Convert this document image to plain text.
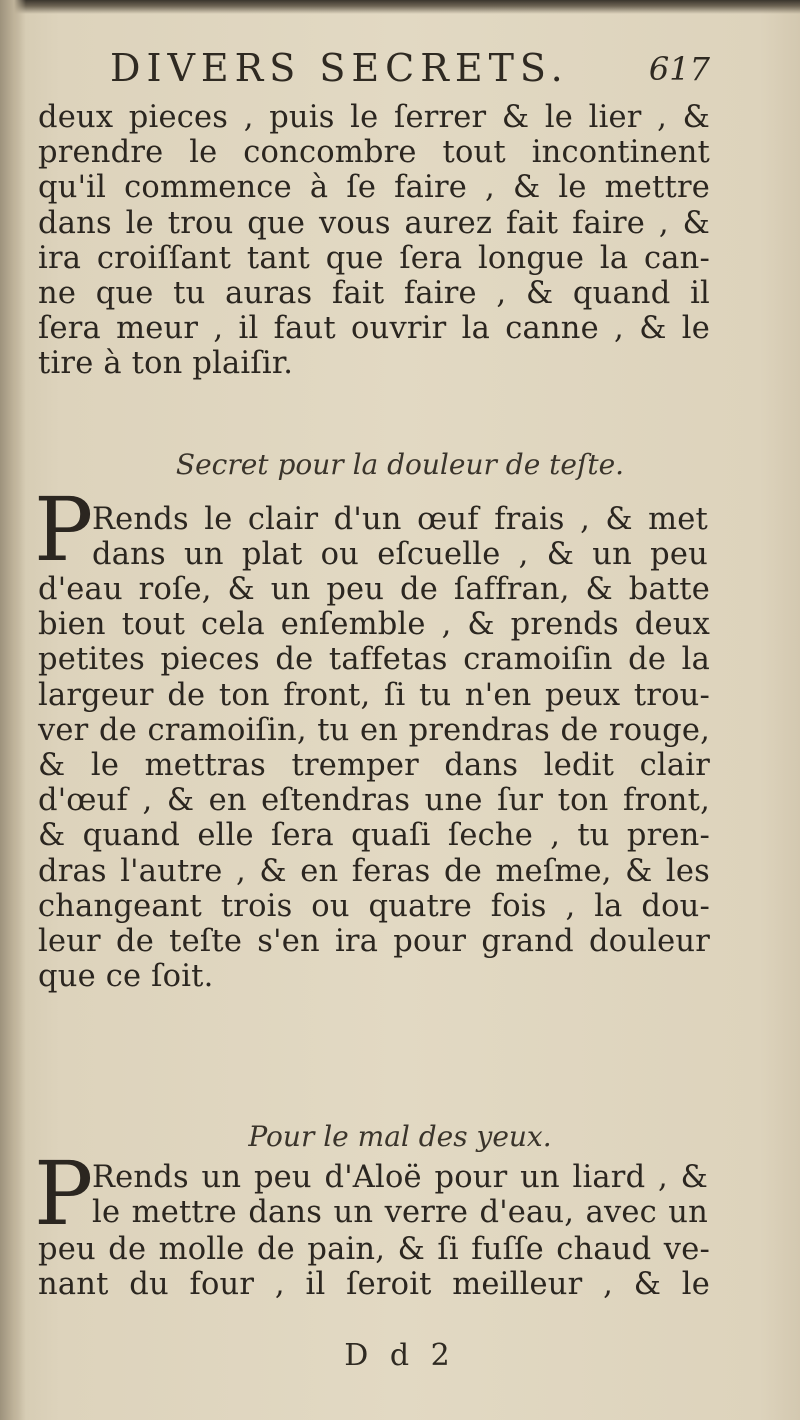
DIVERS SECRETS.	617
deux pieces , puis le ſerrer & le lier , &
prendre le concombre tout incontinent
qu'il commence à ſe faire , & le mettre
dans le trou que vous aurez fait faire , &
ira croiſſant tant que ſera longue la can-
ne que tu auras fait faire , & quand il
ſera meur , il faut ouvrir la canne , & le
tire à ton plaiſir.
Secret pour la douleur de teſte.
P
Rends le clair d'un œuf frais , & met
dans un plat ou eſcuelle , & un peu
d'eau roſe, & un peu de ſaffran, & batte
bien tout cela enſemble , & prends deux
petites pieces de taffetas cramoiſin de la
largeur de ton front, ſi tu n'en peux trou-
ver de cramoiſin, tu en prendras de rouge,
& le mettras tremper dans ledit clair
d'œuf , & en eſtendras une ſur ton front,
& quand elle ſera quaſi ſeche , tu pren-
dras l'autre , & en feras de meſme, & les
changeant trois ou quatre fois , la dou-
leur de teſte s'en ira pour grand douleur
que ce ſoit.
Pour le mal des yeux.
P
Rends un peu d'Aloë pour un liard , &
le mettre dans un verre d'eau, avec un
peu de molle de pain, & ſi fuſſe chaud ve-
nant du four , il ſeroit meilleur , & le
D d 2
